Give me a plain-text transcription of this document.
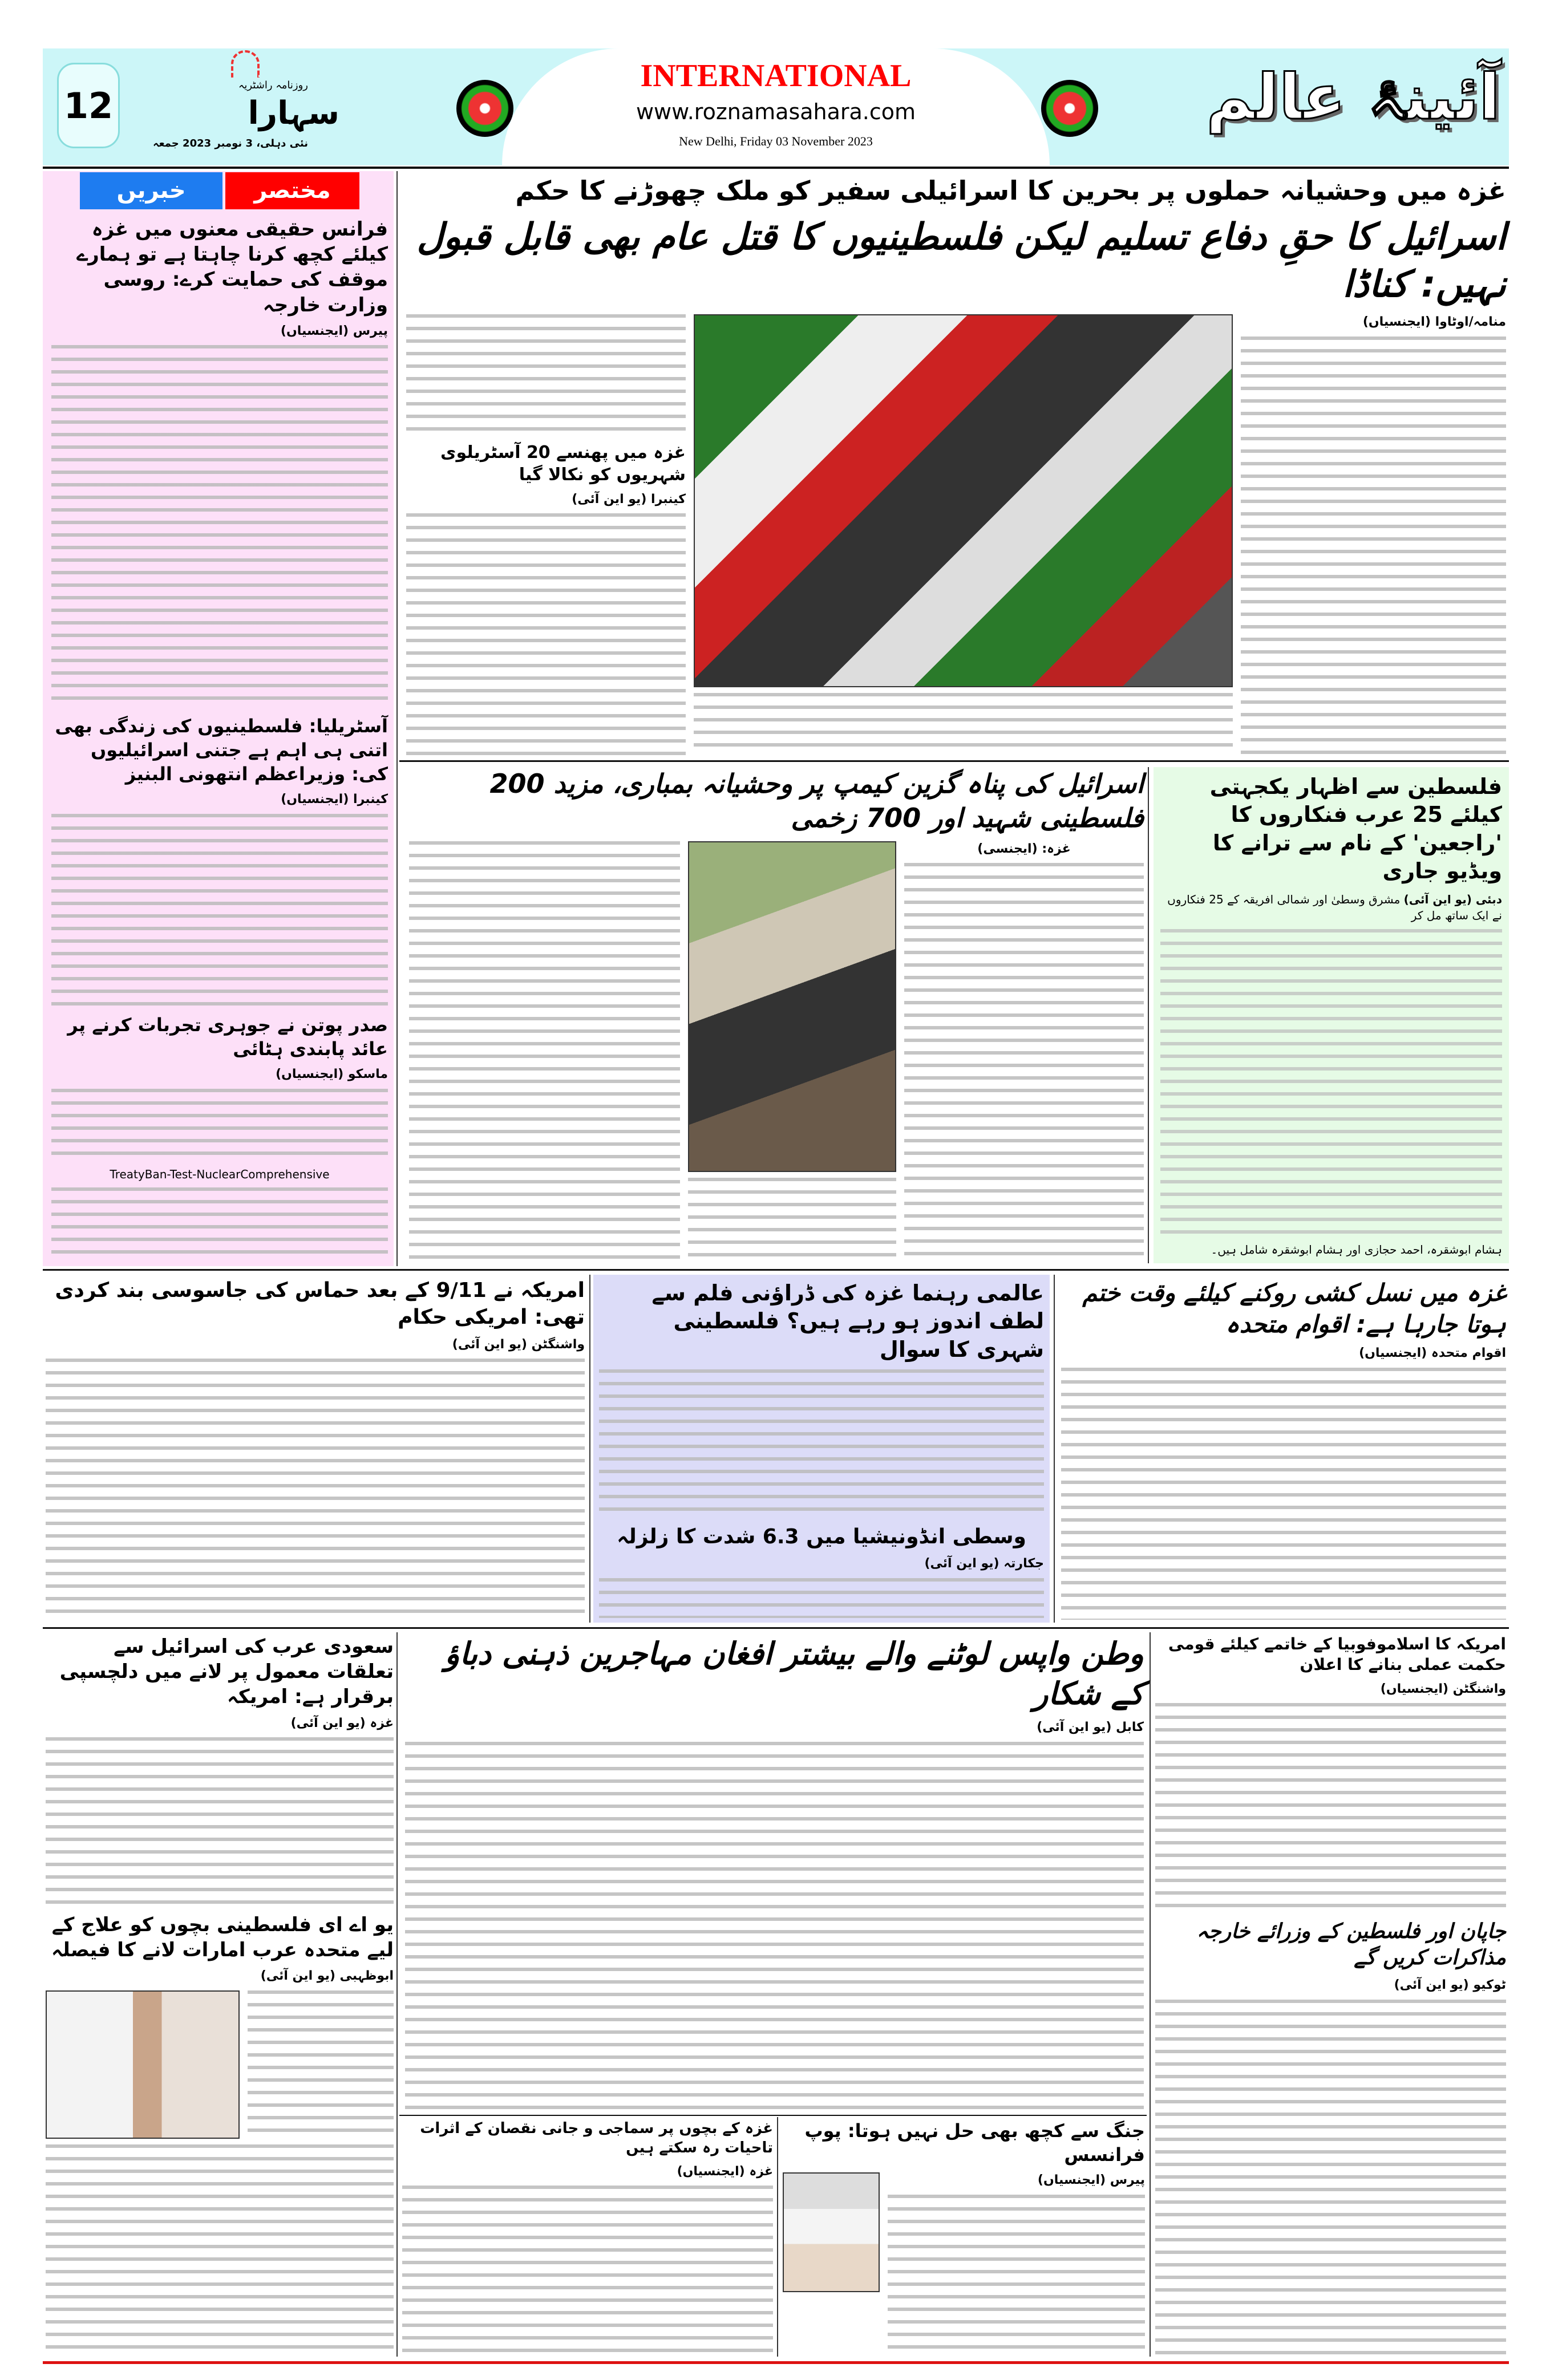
12	روزنامہ راشٹریہ
سہارا
نئی دہلی، 3 نومبر 2023 جمعہ
INTERNATIONAL
www.roznamasahara.com
New Delhi, Friday 03 November 2023
آئینۂ عالم
خبریں	مختصر
فرانس حقیقی معنوں میں غزہ کیلئے کچھ کرنا چاہتا ہے تو ہمارے موقف کی حمایت کرے: روسی وزارت خارجہ
پیرس (ایجنسیاں)
آسٹریلیا: فلسطینیوں کی زندگی بھی اتنی ہی اہم ہے جتنی اسرائیلیوں کی: وزیراعظم انتھونی البنیز
کینبرا (ایجنسیاں)
صدر پوتن نے جوہری تجربات کرنے پر عائد پابندی ہٹائی
ماسکو (ایجنسیاں)
TreatyBan-Test-NuclearComprehensive
غزہ میں وحشیانہ حملوں پر بحرین کا اسرائیلی سفیر کو ملک چھوڑنے کا حکم
اسرائیل کا حقِ دفاع تسلیم لیکن فلسطینیوں کا قتل عام بھی قابل قبول نہیں: کناڈا
منامہ/اوٹاوا (ایجنسیاں)
غزہ میں پھنسے 20 آسٹریلوی شہریوں کو نکالا گیا
کینبرا (یو این آئی)
اسرائیل کی پناہ گزین کیمپ پر وحشیانہ بمباری، مزید 200 فلسطینی شہید اور 700 زخمی
غزہ: (ایجنسی)
فلسطین سے اظہار یکجہتی کیلئے 25 عرب فنکاروں کا 'راجعین' کے نام سے ترانے کا ویڈیو جاری
دبئی (یو این آئی) مشرق وسطیٰ اور شمالی افریقہ کے 25 فنکاروں نے ایک ساتھ مل کر
ہشام ابوشقرہ، احمد حجازی اور ہشام ابوشقرہ شامل ہیں۔
غزہ میں نسل کشی روکنے کیلئے وقت ختم ہوتا جارہا ہے: اقوام متحدہ
اقوام متحدہ (ایجنسیاں)
عالمی رہنما غزہ کی ڈراؤنی فلم سے لطف اندوز ہو رہے ہیں؟ فلسطینی شہری کا سوال
وسطی انڈونیشیا میں 6.3 شدت کا زلزلہ
جکارتہ (یو این آئی)
امریکہ نے 9/11 کے بعد حماس کی جاسوسی بند کردی تھی: امریکی حکام
واشنگٹن (یو این آئی)
امریکہ کا اسلاموفوبیا کے خاتمے کیلئے قومی حکمت عملی بنانے کا اعلان
واشنگٹن (ایجنسیاں)
جاپان اور فلسطین کے وزرائے خارجہ مذاکرات کریں گے
ٹوکیو (یو این آئی)
وطن واپس لوٹنے والے بیشتر افغان مہاجرین ذہنی دباؤ کے شکار
کابل (یو این آئی)
جنگ سے کچھ بھی حل نہیں ہوتا: پوپ فرانسس
پیرس (ایجنسیاں)
غزہ کے بچوں پر سماجی و جانی نقصان کے اثرات تاحیات رہ سکتے ہیں
غزہ (ایجنسیاں)
سعودی عرب کی اسرائیل سے تعلقات معمول پر لانے میں دلچسپی برقرار ہے: امریکہ
غزہ (یو این آئی)
یو اے ای فلسطینی بچوں کو علاج کے لیے متحدہ عرب امارات لانے کا فیصلہ
ابوظہبی (یو این آئی)
